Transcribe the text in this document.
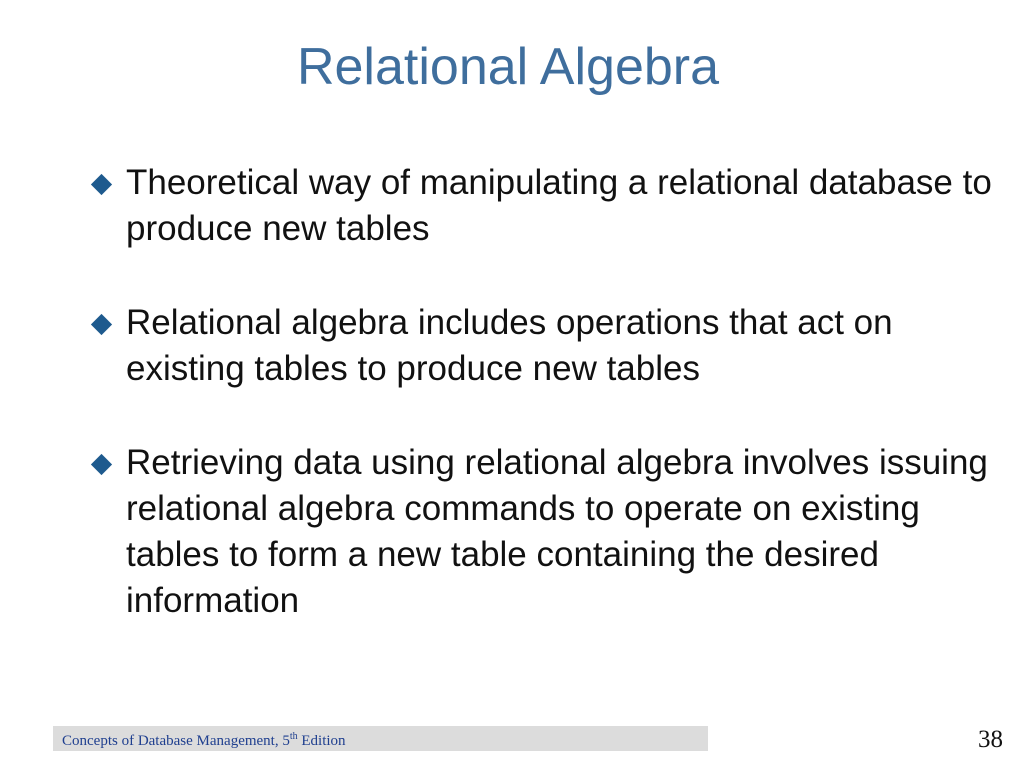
Relational Algebra
Theoretical way of manipulating a relational database to produce new tables
Relational algebra includes operations that act on existing tables to produce new tables
Retrieving data using relational algebra involves issuing relational algebra commands to operate on existing tables to form a new table containing the desired information
Concepts of Database Management, 5th Edition	38
